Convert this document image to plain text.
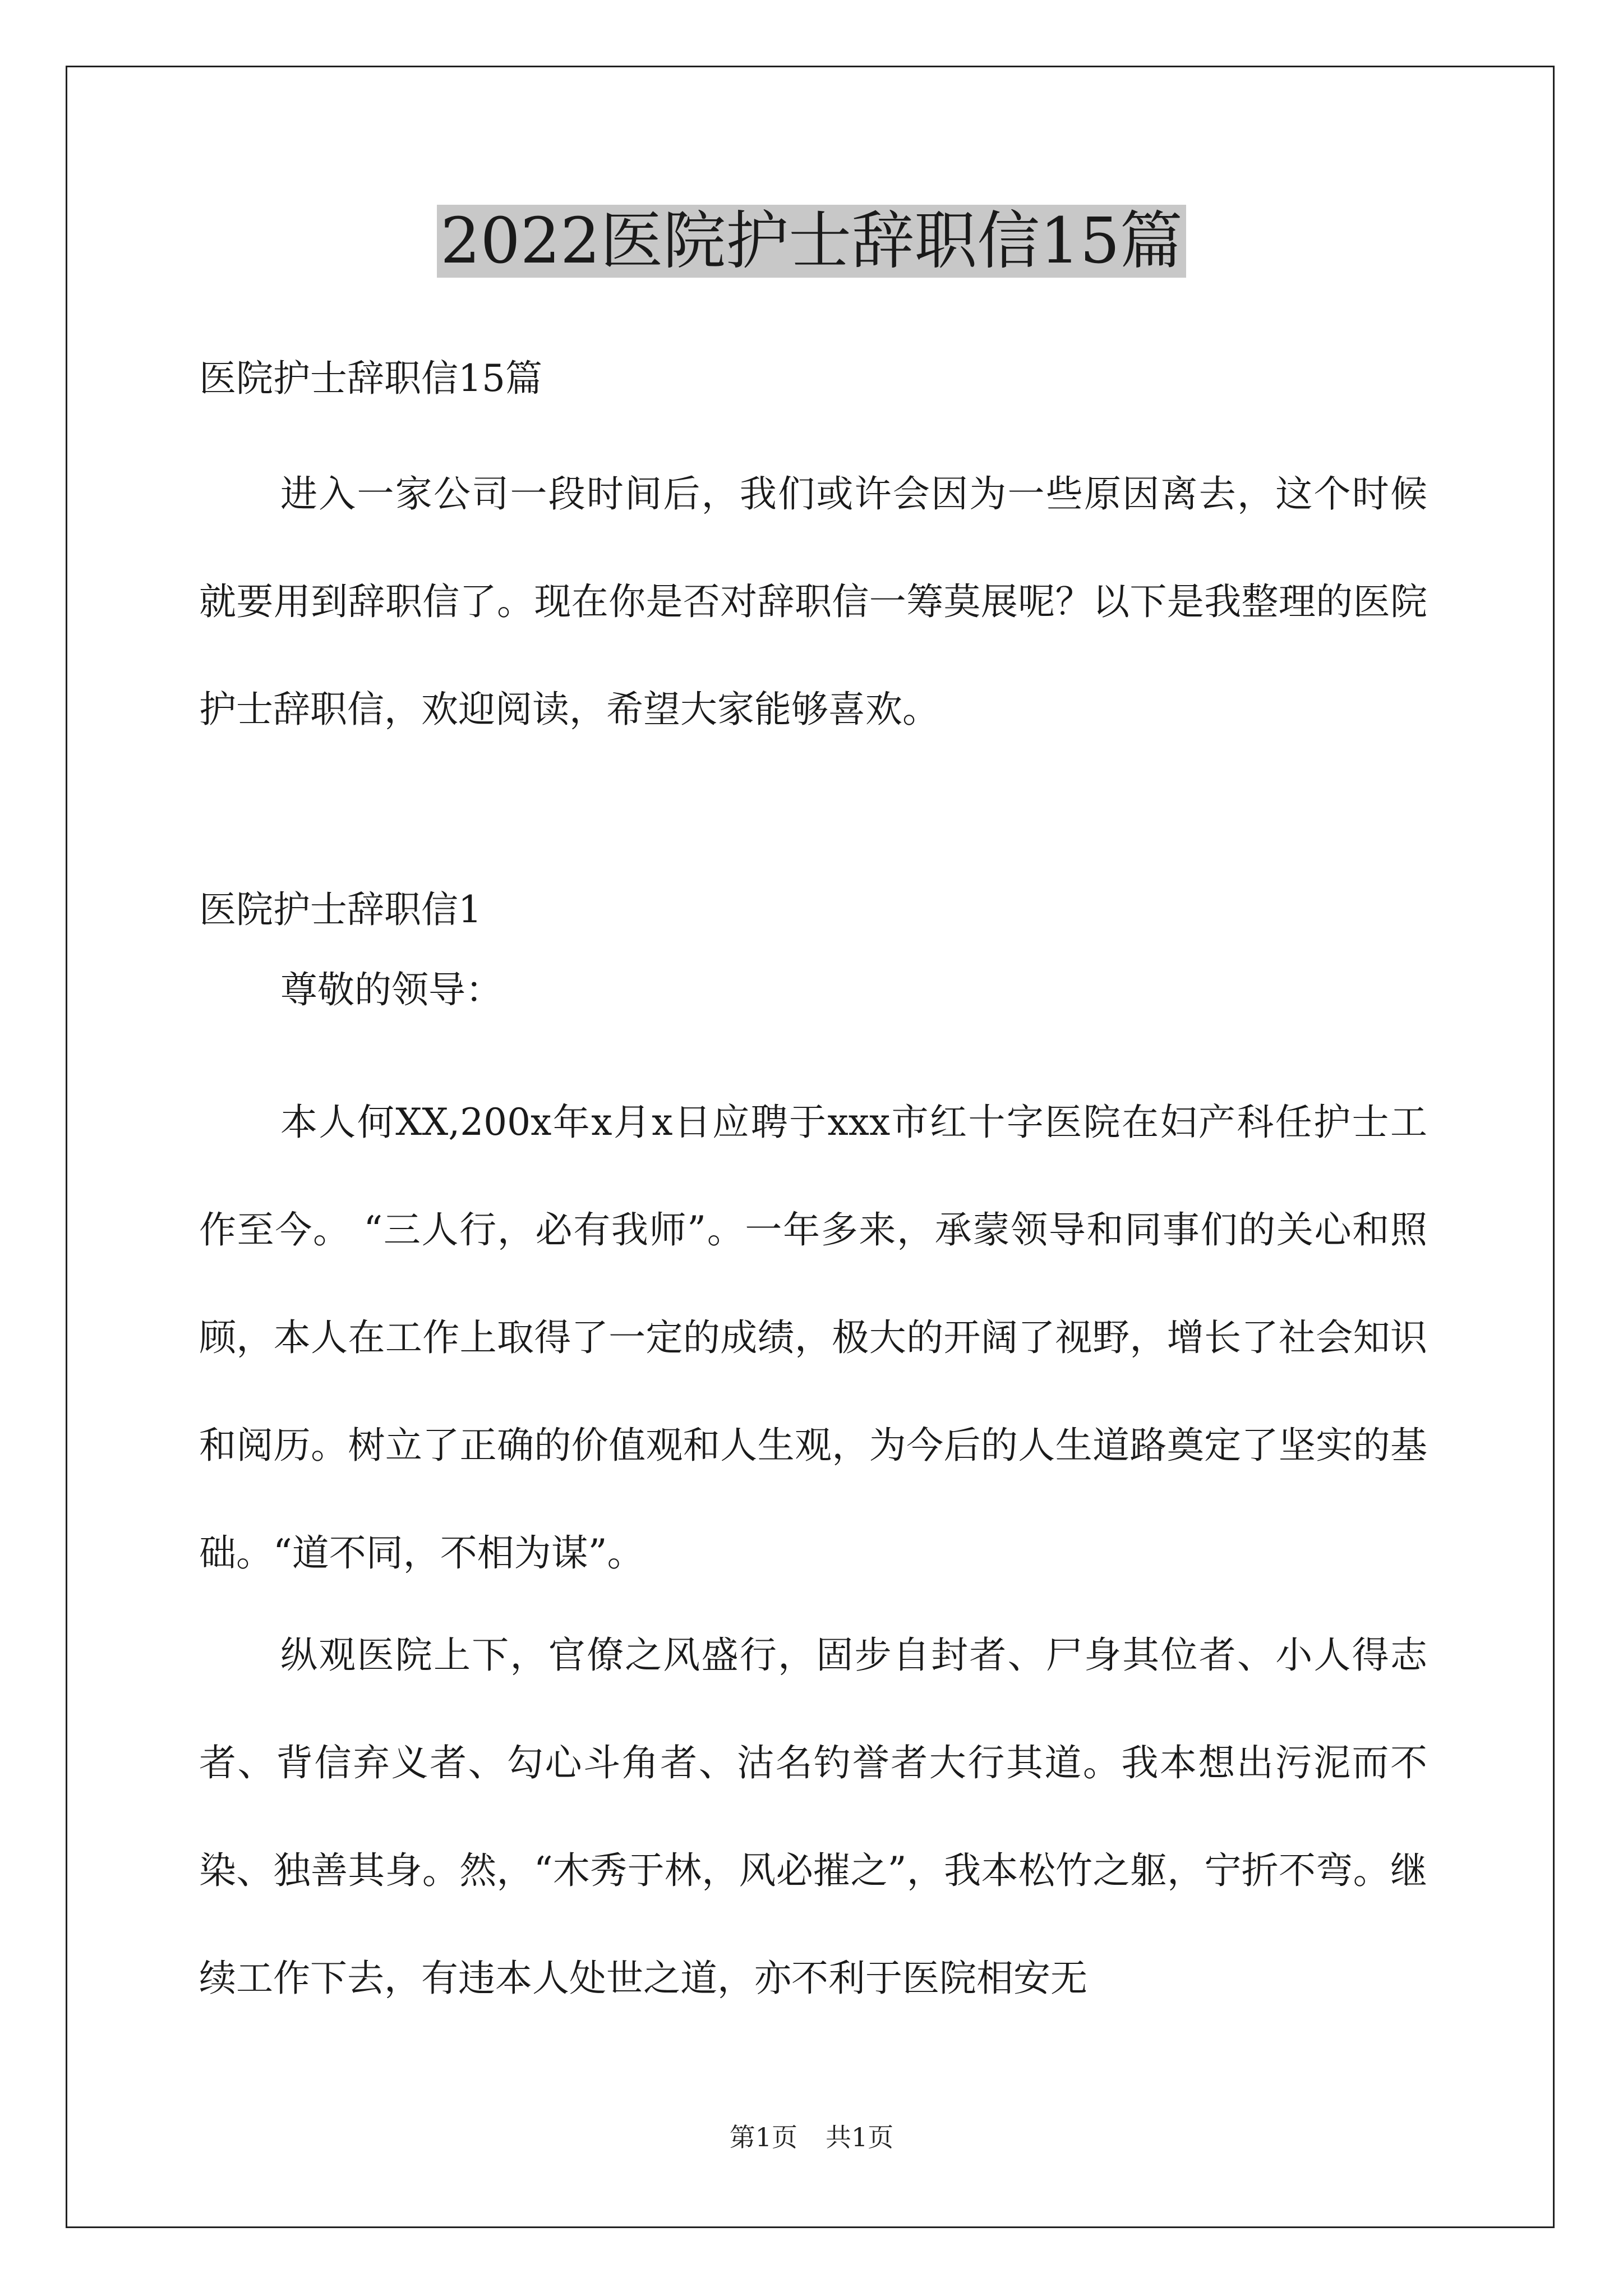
2022医院护士辞职信15篇

医院护士辞职信15篇

进入一家公司一段时间后，我们或许会因为一些原因离去，这个时候就要用到辞职信了。现在你是否对辞职信一筹莫展呢？以下是我整理的医院护士辞职信，欢迎阅读，希望大家能够喜欢。

医院护士辞职信1

尊敬的领导：

本人何XX,200x年x月x日应聘于xxx市红十字医院在妇产科任护士工作至今。 “三人行，必有我师”。一年多来，承蒙领导和同事们的关心和照顾，本人在工作上取得了一定的成绩，极大的开阔了视野，增长了社会知识和阅历。树立了正确的价值观和人生观，为今后的人生道路奠定了坚实的基础。“道不同，不相为谋”。

纵观医院上下，官僚之风盛行，固步自封者、尸身其位者、小人得志者、背信弃义者、勾心斗角者、沽名钓誉者大行其道。我本想出污泥而不染、独善其身。然，“木秀于林，风必摧之”，我本松竹之躯，宁折不弯。继续工作下去，有违本人处世之道，亦不利于医院相安无

第1页 共1页
